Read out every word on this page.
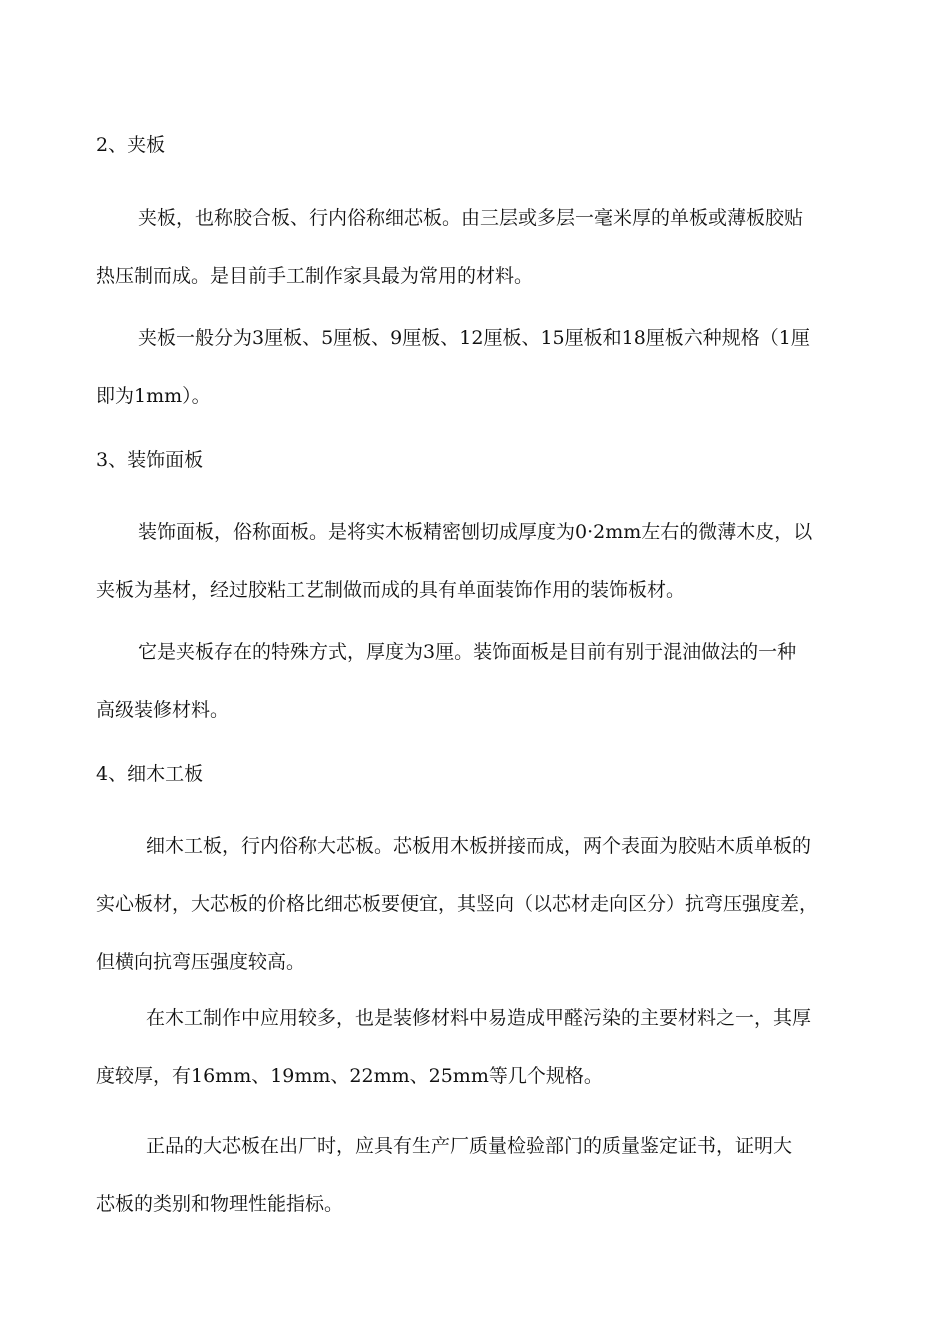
2、夹板
夹板，也称胶合板、行内俗称细芯板。由三层或多层一毫米厚的单板或薄板胶贴
热压制而成。是目前手工制作家具最为常用的材料。
夹板一般分为3厘板、5厘板、9厘板、12厘板、15厘板和18厘板六种规格（1厘
即为1mm）。
3、装饰面板
装饰面板，俗称面板。是将实木板精密刨切成厚度为0·2mm左右的微薄木皮，以
夹板为基材，经过胶粘工艺制做而成的具有单面装饰作用的装饰板材。
它是夹板存在的特殊方式，厚度为3厘。装饰面板是目前有别于混油做法的一种
高级装修材料。
4、细木工板
细木工板，行内俗称大芯板。芯板用木板拼接而成，两个表面为胶贴木质单板的
实心板材，大芯板的价格比细芯板要便宜，其竖向（以芯材走向区分）抗弯压强度差，
但横向抗弯压强度较高。
在木工制作中应用较多，也是装修材料中易造成甲醛污染的主要材料之一，其厚
度较厚，有16mm、19mm、22mm、25mm等几个规格。
正品的大芯板在出厂时，应具有生产厂质量检验部门的质量鉴定证书，证明大
芯板的类别和物理性能指标。
